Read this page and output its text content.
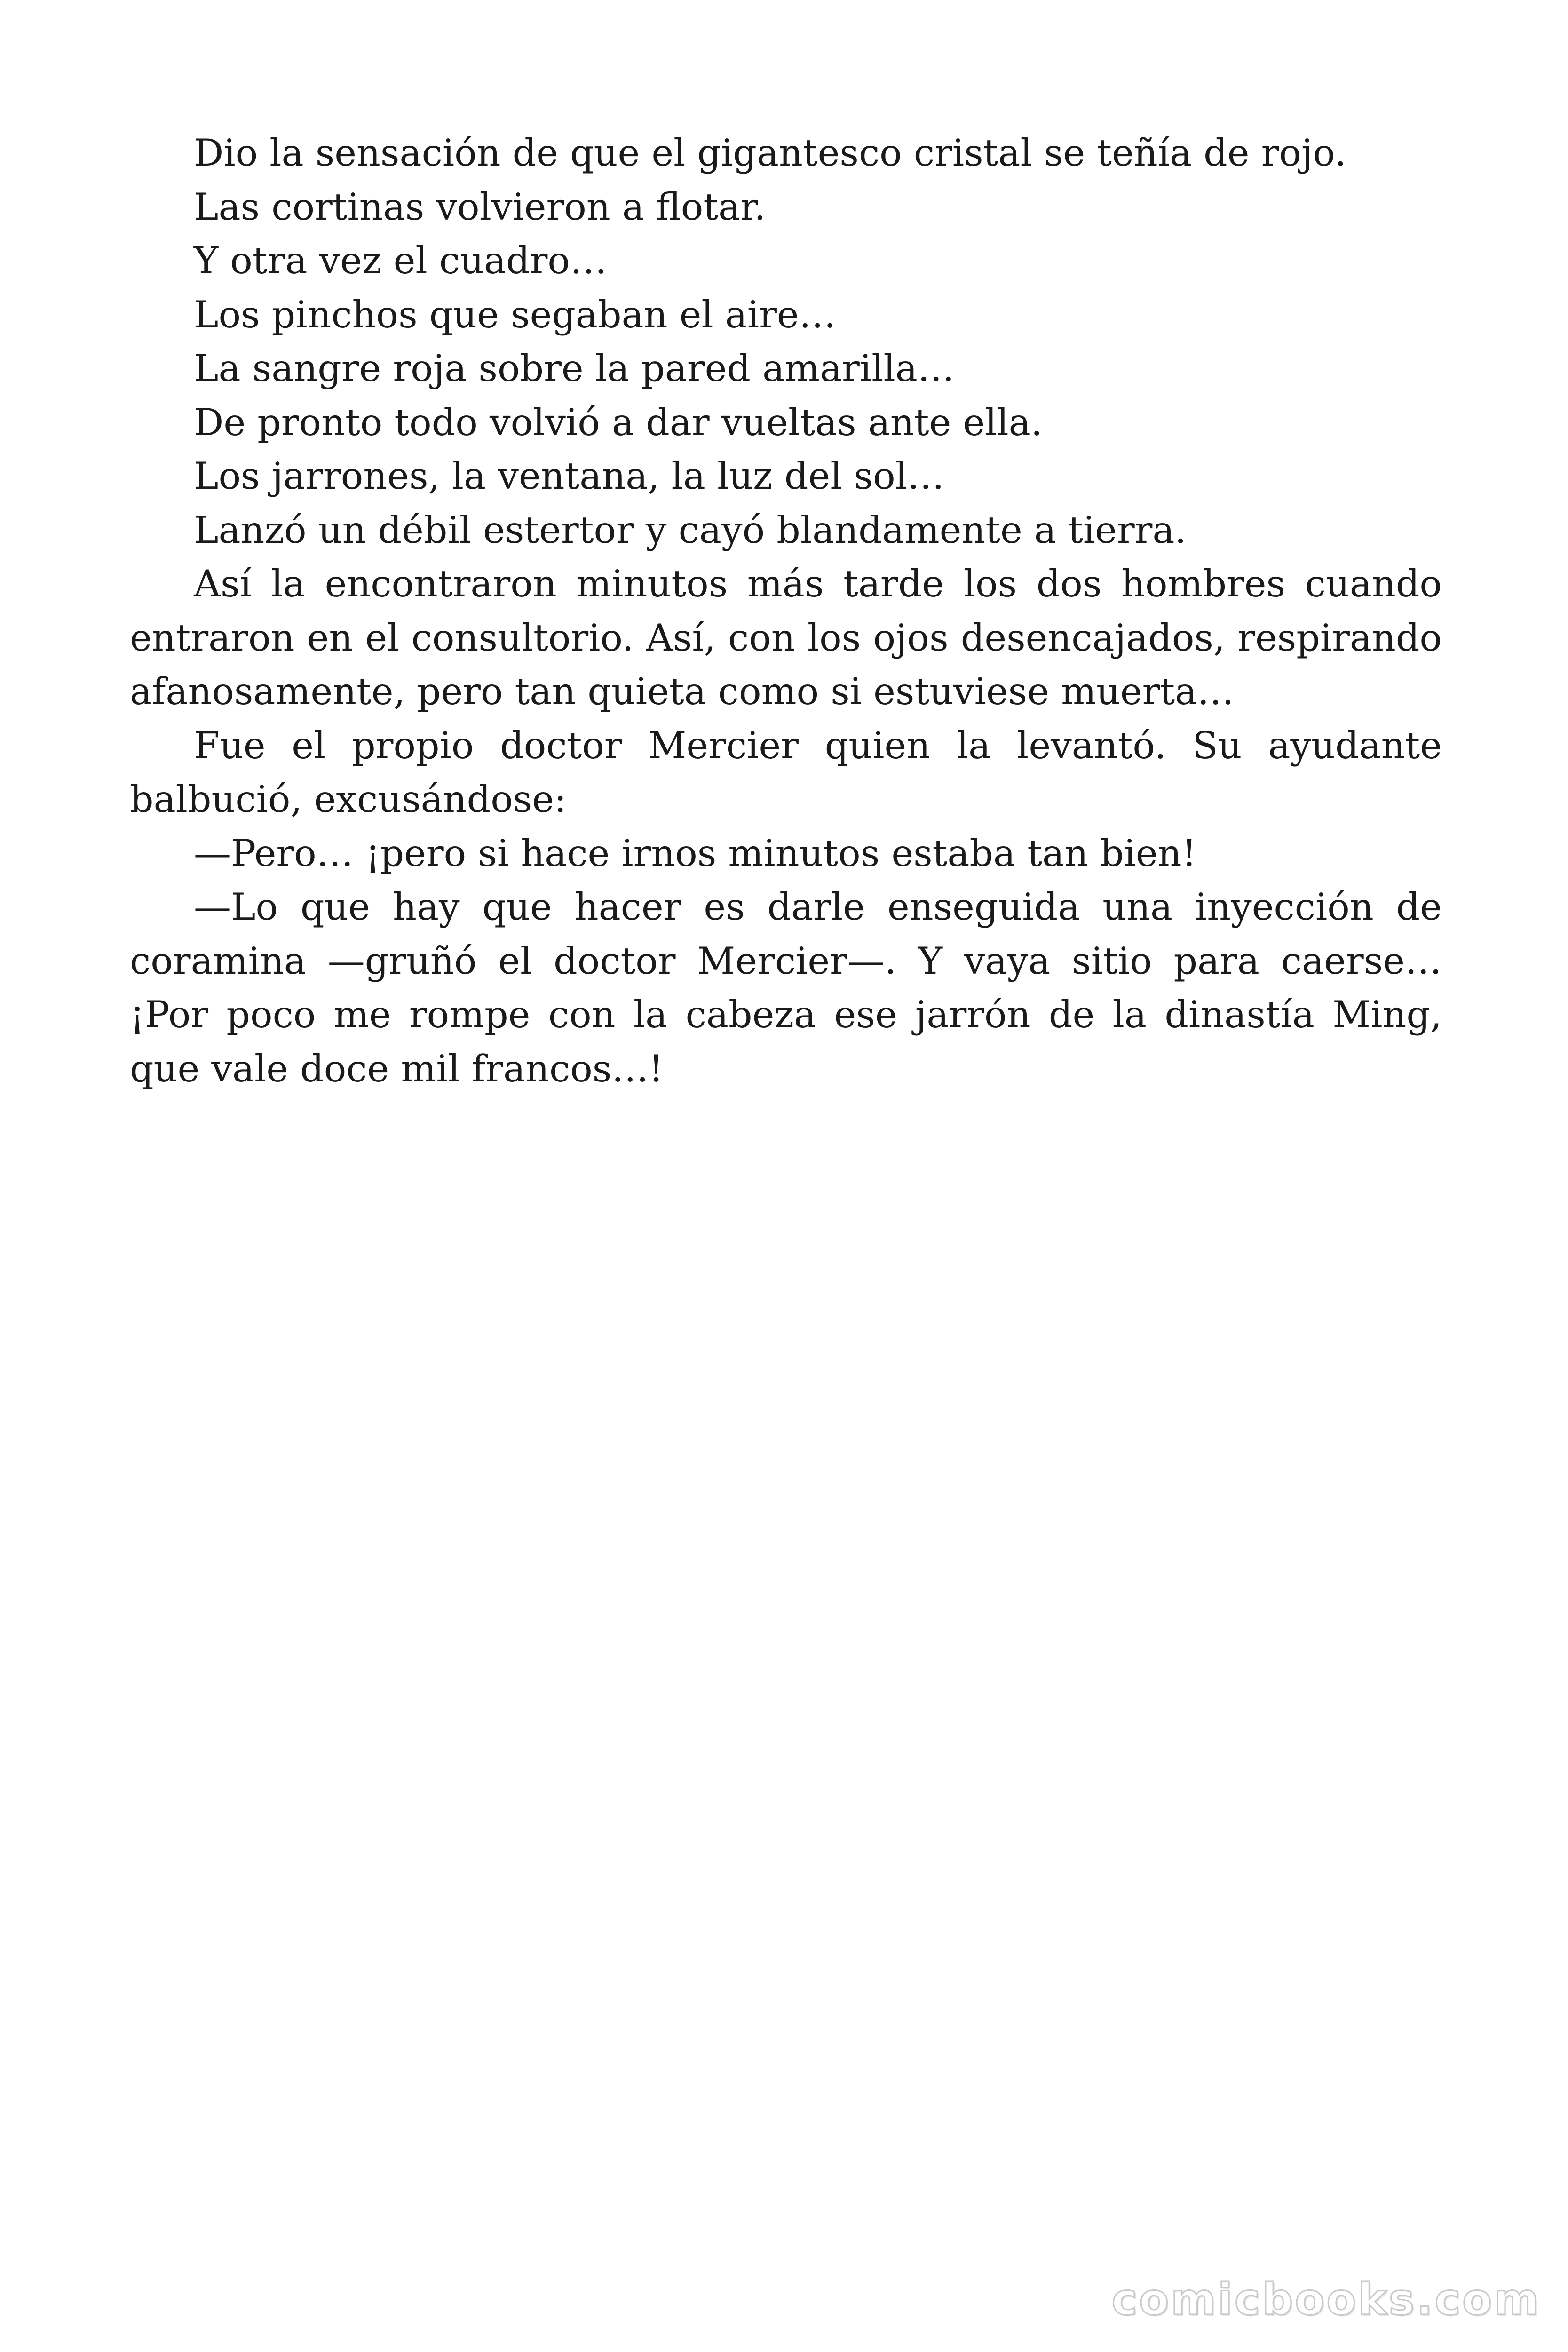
Dio la sensación de que el gigantesco cristal se teñía de rojo.

Las cortinas volvieron a flotar.

Y otra vez el cuadro…

Los pinchos que segaban el aire…

La sangre roja sobre la pared amarilla…

De pronto todo volvió a dar vueltas ante ella.

Los jarrones, la ventana, la luz del sol…

Lanzó un débil estertor y cayó blandamente a tierra.

Así la encontraron minutos más tarde los dos hombres cuando entraron en el consultorio. Así, con los ojos desencajados, respirando afanosamente, pero tan quieta como si estuviese muerta…

Fue el propio doctor Mercier quien la levantó. Su ayudante balbució, excusándose:

—Pero… ¡pero si hace irnos minutos estaba tan bien!

—Lo que hay que hacer es darle enseguida una inyección de coramina —gruñó el doctor Mercier—. Y vaya sitio para caerse… ¡Por poco me rompe con la cabeza ese jarrón de la dinastía Ming, que vale doce mil francos…!

comicbooks.com
